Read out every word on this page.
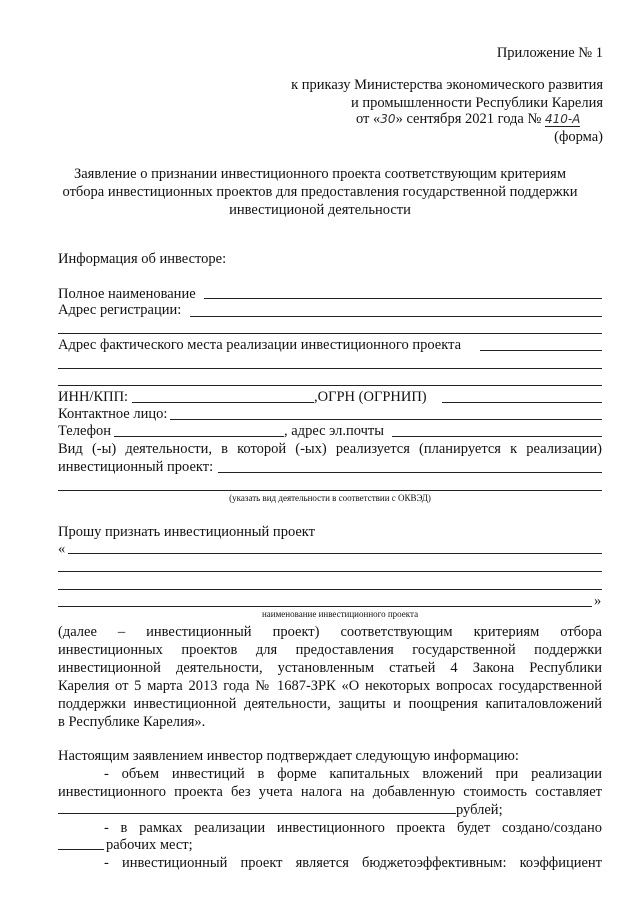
Приложение № 1
к приказу Министерства экономического развития
и промышленности Республики Карелия
от «30» сентября 2021 года № 410-А
(форма)
Заявление о признании инвестиционного проекта соответствующим критериям
отбора инвестиционных проектов для предоставления государственной поддержки
инвестиционой деятельности
Информация об инвесторе:
Полное наименование
Адрес регистрации:
Адрес фактического места реализации инвестиционного проекта
ИНН/КПП:	,ОГРН (ОГРНИП)
Контактное лицо:
Телефон	, адрес эл.почты
Вид (-ы) деятельности, в которой (-ых) реализуется (планируется к реализации)
инвестиционный проект:
(указать вид деятельности в соответствии с ОКВЭД)
Прошу признать инвестиционный проект
«
»
наименование инвестиционного проекта
(далее – инвестиционный проект) соответствующим критериям отбора
инвестиционных проектов для предоставления государственной поддержки
инвестиционной деятельности, установленным статьей 4 Закона Республики
Карелия от 5 марта 2013 года № 1687-ЗРК «О некоторых вопросах государственной
поддержки инвестиционной деятельности, защиты и поощрения капиталовложений
в Республике Карелия».
Настоящим заявлением инвестор подтверждает следующую информацию:
- объем инвестиций в форме капитальных вложений при реализации
инвестиционного проекта без учета налога на добавленную стоимость составляет
рублей;
- в рамках реализации инвестиционного проекта будет создано/создано
рабочих мест;
- инвестиционный проект является бюджетоэффективным: коэффициент
